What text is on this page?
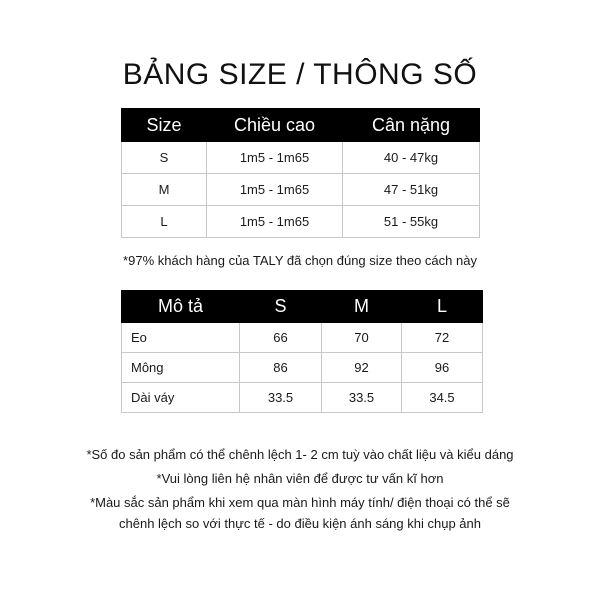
BẢNG SIZE / THÔNG SỐ
Size	Chiều cao	Cân nặng
S	1m5 - 1m65	40 - 47kg
M	1m5 - 1m65	47 - 51kg
L	1m5 - 1m65	51 - 55kg

*97% khách hàng của TALY đã chọn đúng size theo cách này

Mô tả	S	M	L
Eo	66	70	72
Mông	86	92	96
Dài váy	33.5	33.5	34.5

*Số đo sản phẩm có thể chênh lệch 1- 2 cm tuỳ vào chất liệu và kiểu dáng

*Vui lòng liên hệ nhân viên để được tư vấn kĩ hơn

*Màu sắc sản phẩm khi xem qua màn hình máy tính/ điện thoại có thể sẽ

chênh lệch so với thực tế - do điều kiện ánh sáng khi chụp ảnh
